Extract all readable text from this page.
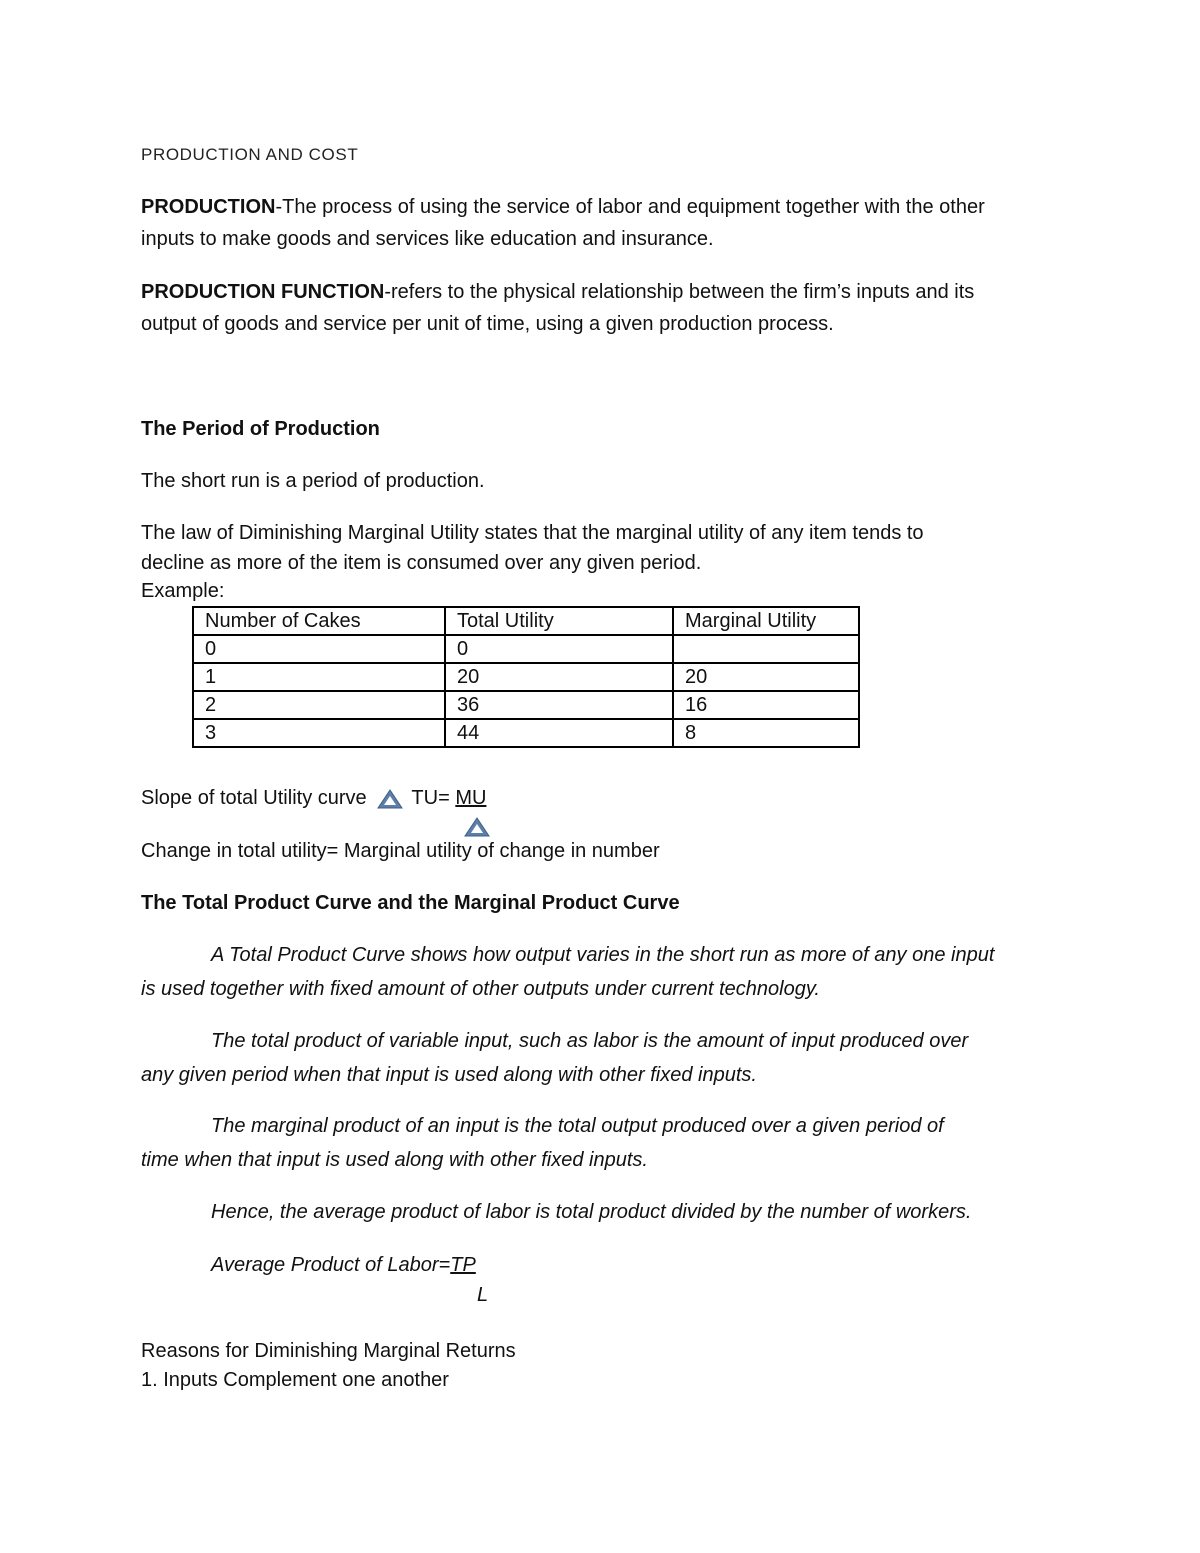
PRODUCTION AND COST
PRODUCTION-The process of using the service of labor and equipment together with the other
inputs to make goods and services like education and insurance.
PRODUCTION FUNCTION-refers to the physical relationship between the firm’s inputs and its
output of goods and service per unit of time, using a given production process.
The Period of Production
The short run is a period of production.
The law of Diminishing Marginal Utility states that the marginal utility of any item tends to
decline as more of the item is consumed over any given period.
Example:
Number of Cakes	Total Utility	Marginal Utility
0	0	
1	20	20
2	36	16
3	44	8
Slope of total Utility curve TU= MU
Change in total utility= Marginal utility of change in number
The Total Product Curve and the Marginal Product Curve
A Total Product Curve shows how output varies in the short run as more of any one input
is used together with fixed amount of other outputs under current technology.
The total product of variable input, such as labor is the amount of input produced over
any given period when that input is used along with other fixed inputs.
The marginal product of an input is the total output produced over a given period of
time when that input is used along with other fixed inputs.
Hence, the average product of labor is total product divided by the number of workers.
Average Product of Labor=TP
L
Reasons for Diminishing Marginal Returns
1. Inputs Complement one another
